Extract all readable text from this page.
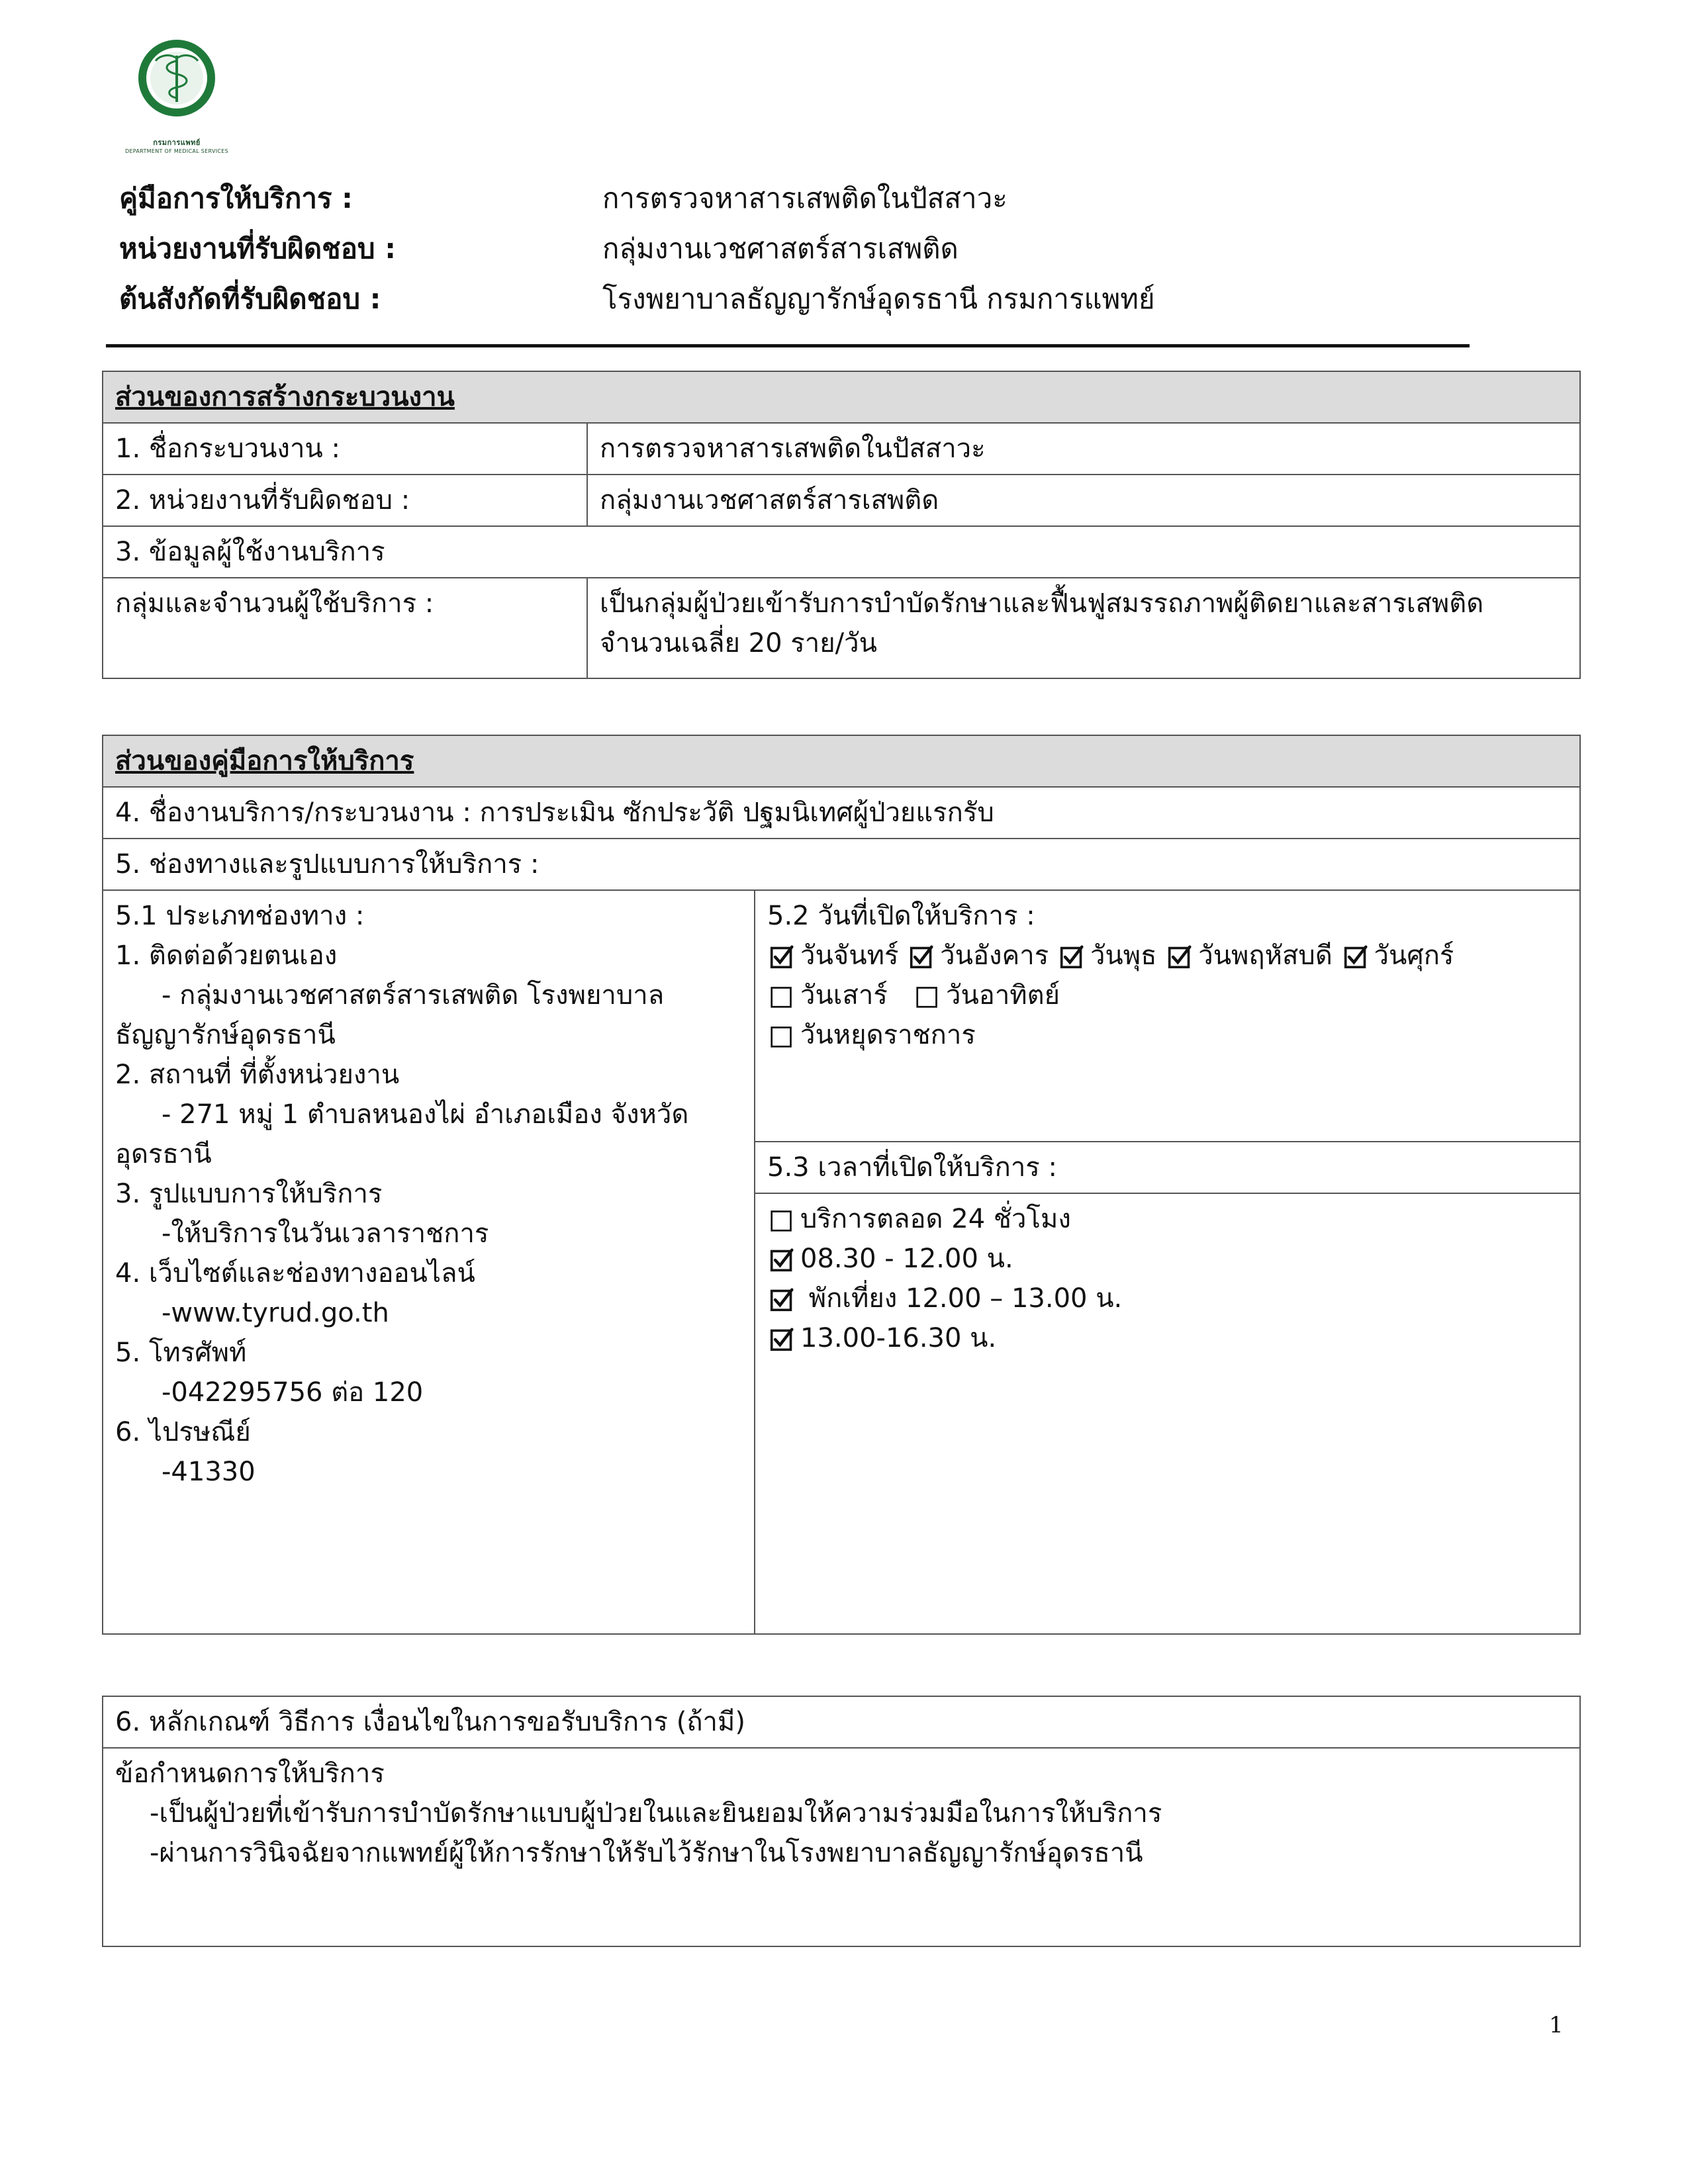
กรมการแพทย์
DEPARTMENT OF MEDICAL SERVICES
คู่มือการให้บริการ :	การตรวจหาสารเสพติดในปัสสาวะ
หน่วยงานที่รับผิดชอบ :	กลุ่มงานเวชศาสตร์สารเสพติด
ต้นสังกัดที่รับผิดชอบ :	โรงพยาบาลธัญญารักษ์อุดรธานี กรมการแพทย์
ส่วนของการสร้างกระบวนงาน	
1. ชื่อกระบวนงาน :	การตรวจหาสารเสพติดในปัสสาวะ
2. หน่วยงานที่รับผิดชอบ :	กลุ่มงานเวชศาสตร์สารเสพติด
3. ข้อมูลผู้ใช้งานบริการ	
กลุ่มและจำนวนผู้ใช้บริการ :	เป็นกลุ่มผู้ป่วยเข้ารับการบำบัดรักษาและฟื้นฟูสมรรถภาพผู้ติดยาและสารเสพติด
จำนวนเฉลี่ย 20 ราย/วัน
ส่วนของคู่มือการให้บริการ
4. ชื่องานบริการ/กระบวนงาน : การประเมิน ซักประวัติ ปฐมนิเทศผู้ป่วยแรกรับ
5. ช่องทางและรูปแบบการให้บริการ :

5.1 ประเภทช่องทาง :
1. ติดต่อด้วยตนเอง
- กลุ่มงานเวชศาสตร์สารเสพติด โรงพยาบาล
ธัญญารักษ์อุดรธานี
2. สถานที่ ที่ตั้งหน่วยงาน
- 271 หมู่ 1 ตำบลหนองไผ่ อำเภอเมือง จังหวัด
อุดรธานี
3. รูปแบบการให้บริการ
-ให้บริการในวันเวลาราชการ
4. เว็บไซต์และช่องทางออนไลน์
-www.tyrud.go.th
5. โทรศัพท์
-042295756 ต่อ 120
6. ไปรษณีย์
-41330

5.2 วันที่เปิดให้บริการ :
วันจันทร์ วันอังคาร วันพุธ วันพฤหัสบดี วันศุกร์
วันเสาร์ วันอาทิตย์
วันหยุดราชการ

5.3 เวลาที่เปิดให้บริการ :

บริการตลอด 24 ชั่วโมง
08.30 - 12.00 น.
พักเที่ยง 12.00 – 13.00 น.
13.00-16.30 น.
6. หลักเกณฑ์ วิธีการ เงื่อนไขในการขอรับบริการ (ถ้ามี)

ข้อกำหนดการให้บริการ
-เป็นผู้ป่วยที่เข้ารับการบำบัดรักษาแบบผู้ป่วยในและยินยอมให้ความร่วมมือในการให้บริการ
-ผ่านการวินิจฉัยจากแพทย์ผู้ให้การรักษาให้รับไว้รักษาในโรงพยาบาลธัญญารักษ์อุดรธานี
1
